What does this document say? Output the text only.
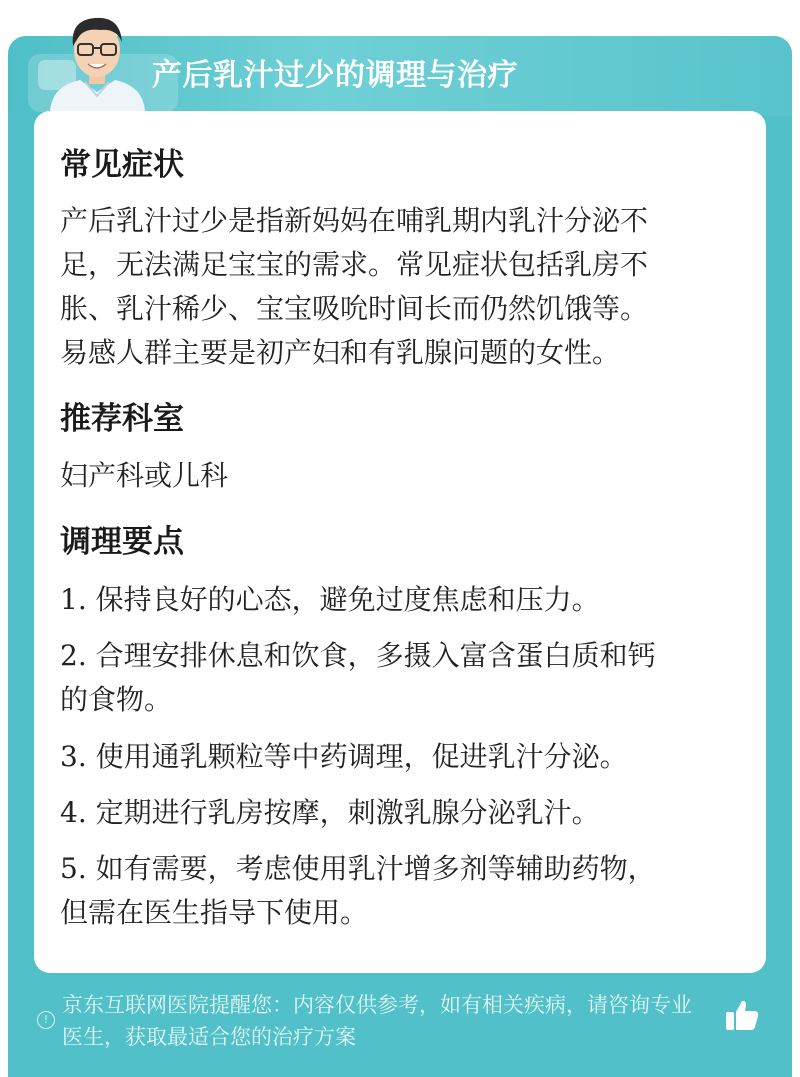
产后乳汁过少的调理与治疗
常见症状
产后乳汁过少是指新妈妈在哺乳期内乳汁分泌不
足，无法满足宝宝的需求。常见症状包括乳房不
胀、乳汁稀少、宝宝吸吮时间长而仍然饥饿等。
易感人群主要是初产妇和有乳腺问题的女性。
推荐科室
妇产科或儿科
调理要点
1. 保持良好的心态，避免过度焦虑和压力。
2. 合理安排休息和饮食，多摄入富含蛋白质和钙
的食物。
3. 使用通乳颗粒等中药调理，促进乳汁分泌。
4. 定期进行乳房按摩，刺激乳腺分泌乳汁。
5. 如有需要，考虑使用乳汁增多剂等辅助药物，
但需在医生指导下使用。
!
京东互联网医院提醒您：内容仅供参考，如有相关疾病，请咨询专业
医生，获取最适合您的治疗方案
